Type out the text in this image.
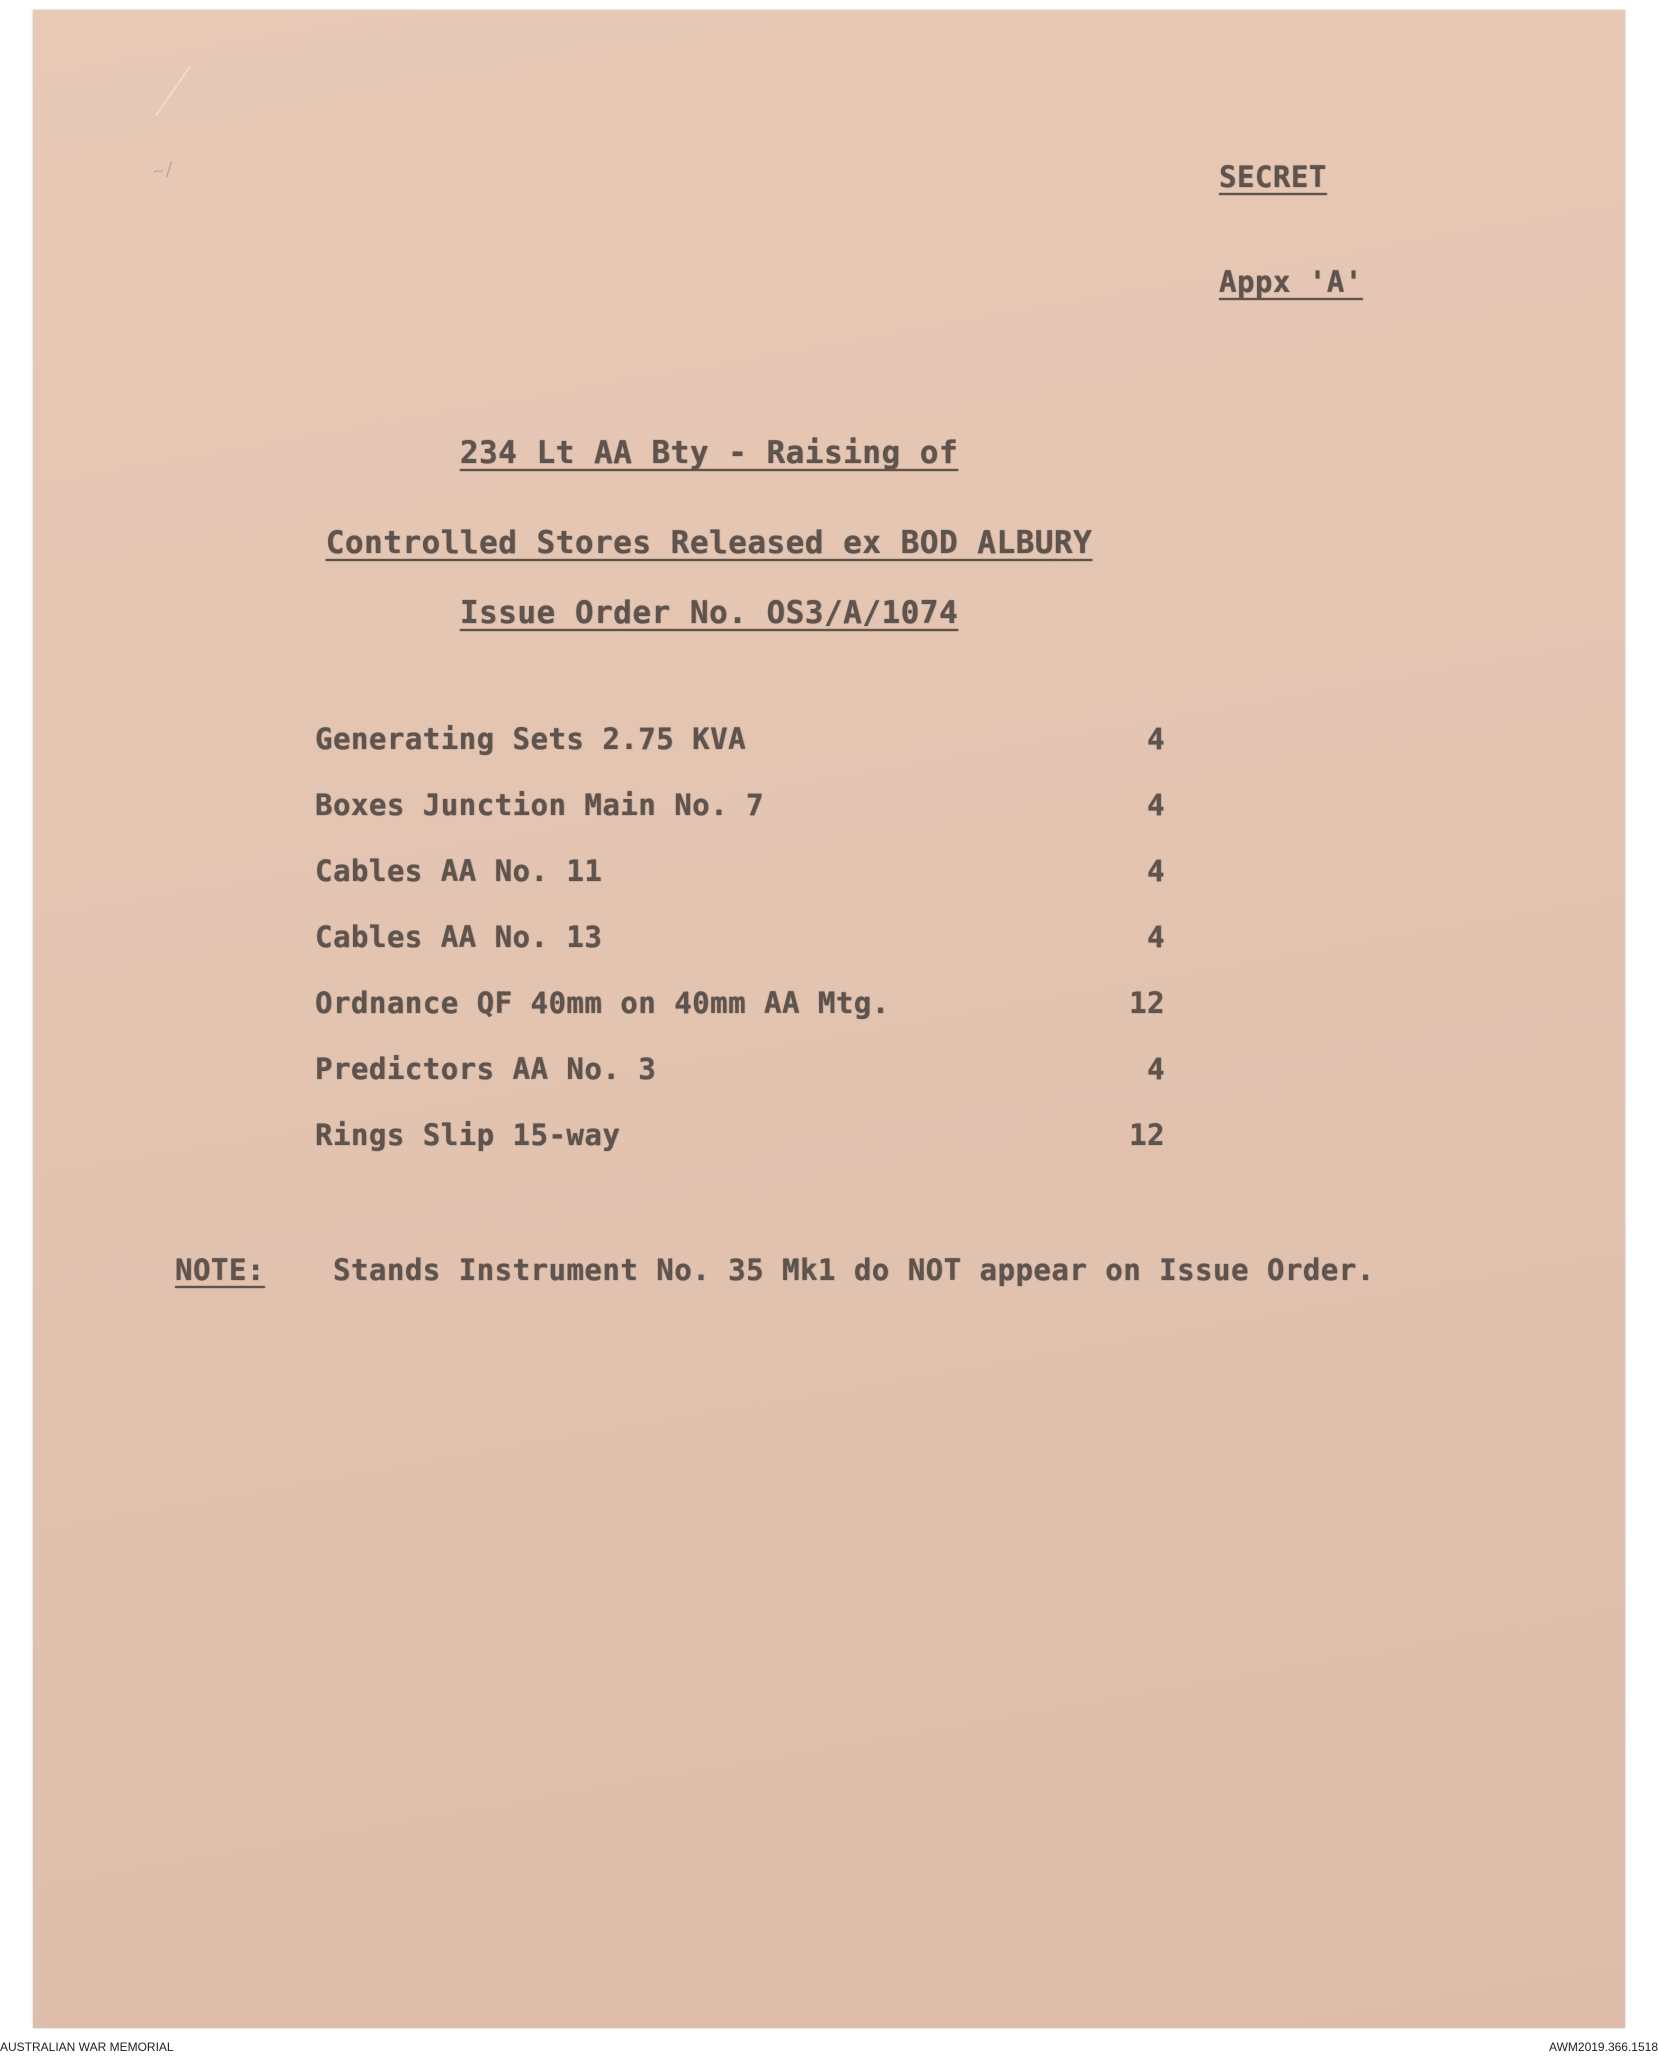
~/	SECRET
Appx 'A'
234 Lt AA Bty - Raising of
Controlled Stores Released ex BOD ALBURY
Issue Order No. OS3/A/1074
Generating Sets 2.75 KVA	4
Boxes Junction Main No. 7	4
Cables AA No. 11	4
Cables AA No. 13	4
Ordnance QF 40mm on 40mm AA Mtg.	12
Predictors AA No. 3	4
Rings Slip 15-way	12
NOTE: Stands Instrument No. 35 Mk1 do NOT appear on Issue Order.
AUSTRALIAN WAR MEMORIAL	AWM2019.366.1518
